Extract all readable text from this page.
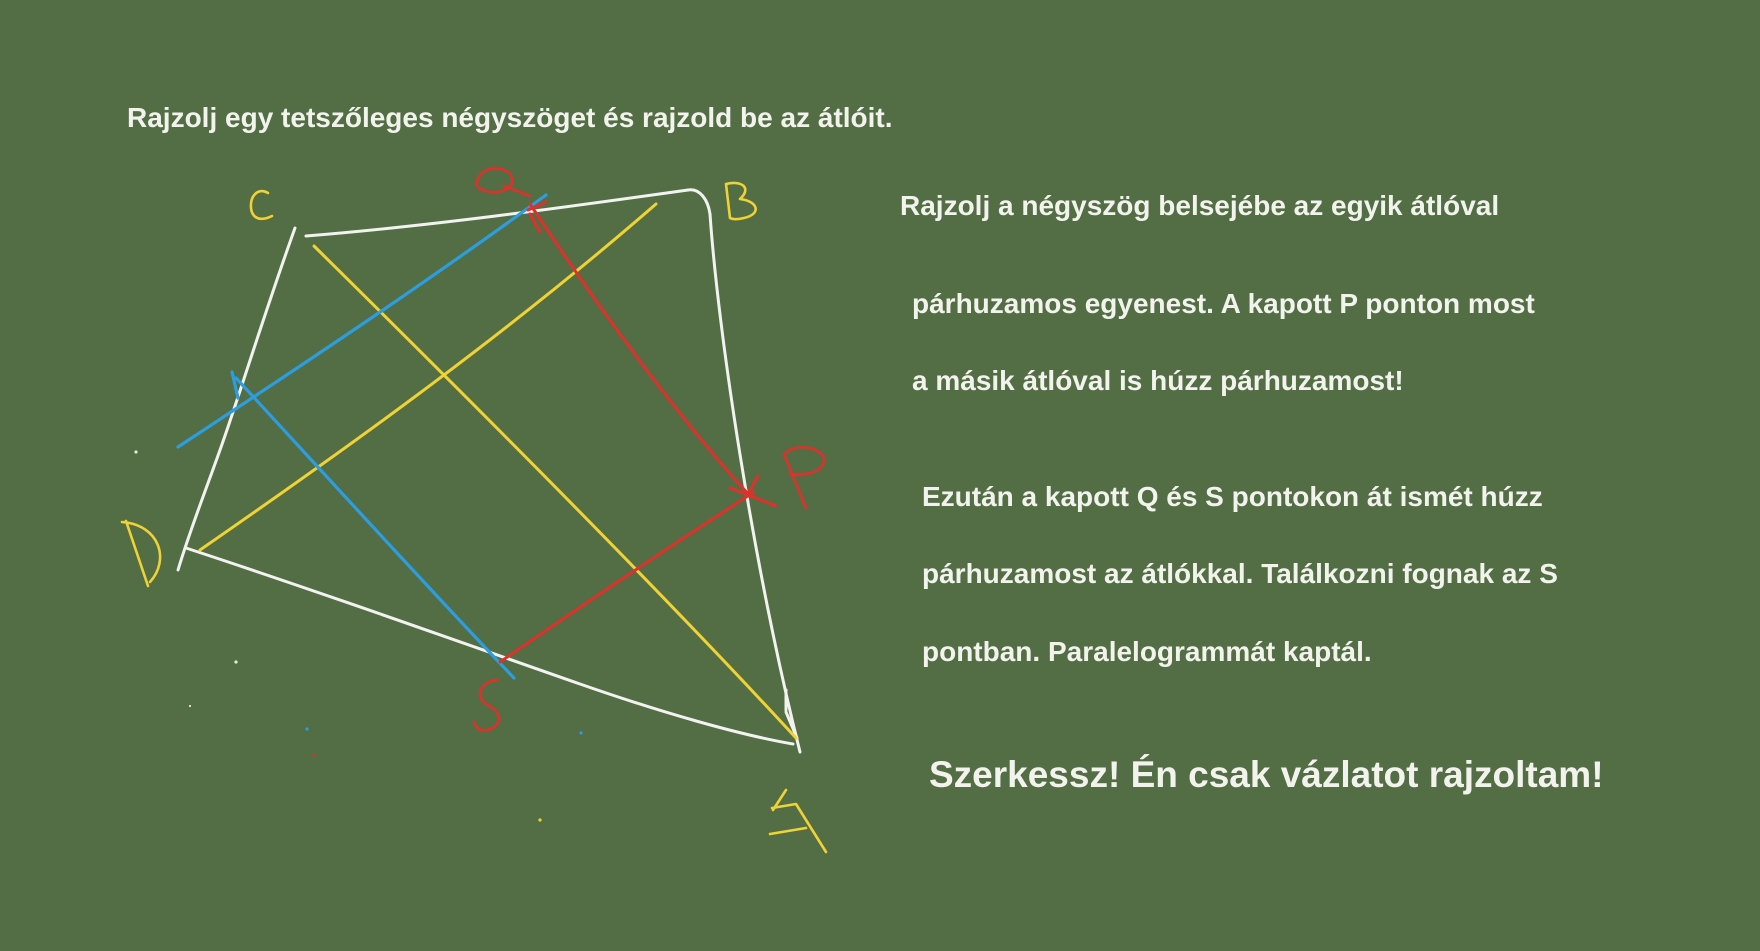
C
B
D
A
P
Q
S

Rajzolj egy tetszőleges négyszöget és rajzold be az átlóit.

Rajzolj a négyszög belsejébe az egyik átlóval

párhuzamos egyenest. A kapott P ponton most

a másik átlóval is húzz párhuzamost!

Ezután a kapott Q és S pontokon át ismét húzz

párhuzamost az átlókkal. Találkozni fognak az S

pontban. Paralelogrammát kaptál.

Szerkessz! Én csak vázlatot rajzoltam!
